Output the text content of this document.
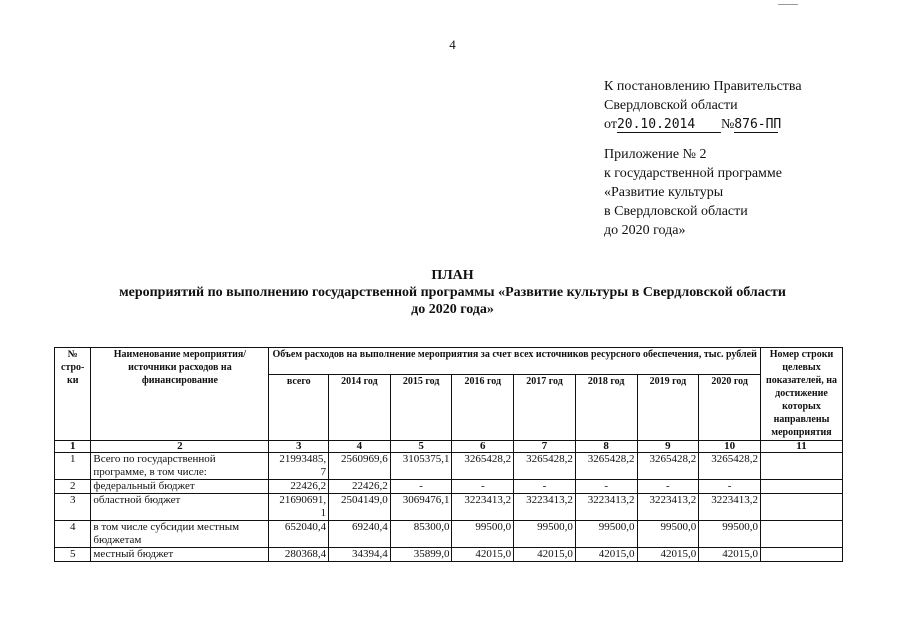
4
К постановлению Правительства
Свердловской области
от20.10.2014 №876-ПП
Приложение № 2
к государственной программе
«Развитие культуры
в Свердловской области
до 2020 года»
ПЛАН
мероприятий по выполнению государственной программы «Развитие культуры в Свердловской области
до 2020 года»
№ стро- ки	Наименование мероприятия/ источники расходов на финансирование	Объем расходов на выполнение мероприятия за счет всех источников ресурсного обеспечения, тыс. рублей								Номер строки целевых показателей, на достижение которых направлены мероприятия
		всего	2014 год	2015 год	2016 год	2017 год	2018 год	2019 год	2020 год	
1	2	3	4	5	6	7	8	9	10	11
1	Всего по государственной программе, в том числе:	21993485, 7	2560969,6	3105375,1	3265428,2	3265428,2	3265428,2	3265428,2	3265428,2	
2	федеральный бюджет	22426,2	22426,2	-	-	-	-	-	-	
3	областной бюджет	21690691, 1	2504149,0	3069476,1	3223413,2	3223413,2	3223413,2	3223413,2	3223413,2	
4	в том числе субсидии местным бюджетам	652040,4	69240,4	85300,0	99500,0	99500,0	99500,0	99500,0	99500,0	
5	местный бюджет	280368,4	34394,4	35899,0	42015,0	42015,0	42015,0	42015,0	42015,0	
